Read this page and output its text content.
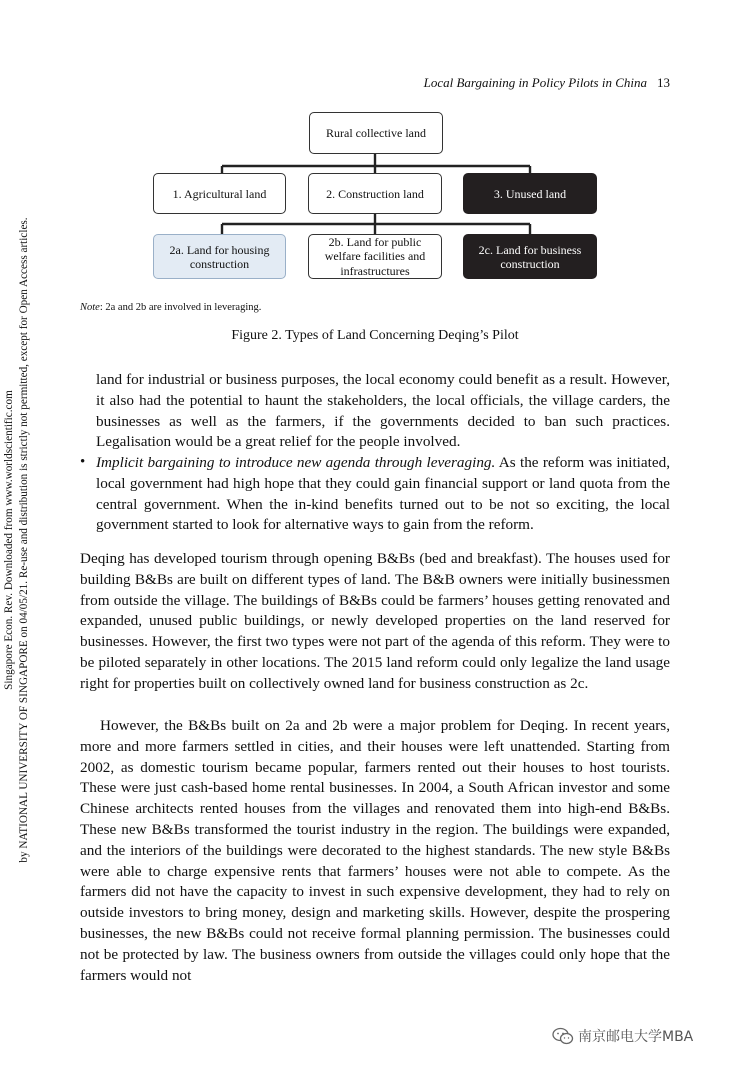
Local Bargaining in Policy Pilots in China 13
Singapore Econ. Rev. Downloaded from www.worldscientific.com by NATIONAL UNIVERSITY OF SINGAPORE on 04/05/21. Re-use and distribution is strictly not permitted, except for Open Access articles.
Rural collective land
1. Agricultural land	2. Construction land	3. Unused land
2a. Land for housing construction
2b. Land for public welfare facilities and infrastructures
2c. Land for business construction
Note: 2a and 2b are involved in leveraging.
Figure 2. Types of Land Concerning Deqing’s Pilot
land for industrial or business purposes, the local economy could benefit as a result. However, it also had the potential to haunt the stakeholders, the local officials, the village carders, the businesses as well as the farmers, if the governments decided to ban such practices. Legalisation would be a great relief for the people involved.
• Implicit bargaining to introduce new agenda through leveraging. As the reform was initiated, local government had high hope that they could gain financial support or land quota from the central government. When the in-kind benefits turned out to be not so exciting, the local government started to look for alternative ways to gain from the reform.
Deqing has developed tourism through opening B&Bs (bed and breakfast). The houses used for building B&Bs are built on different types of land. The B&B owners were initially businessmen from outside the village. The buildings of B&Bs could be farmers’ houses getting renovated and expanded, unused public buildings, or newly developed properties on the land reserved for businesses. However, the first two types were not part of the agenda of this reform. They were to be piloted separately in other locations. The 2015 land reform could only legalize the land usage right for properties built on collectively owned land for business construction as 2c.
However, the B&Bs built on 2a and 2b were a major problem for Deqing. In recent years, more and more farmers settled in cities, and their houses were left unattended. Starting from 2002, as domestic tourism became popular, farmers rented out their houses to host tourists. These were just cash-based home rental businesses. In 2004, a South African investor and some Chinese architects rented houses from the villages and renovated them into high-end B&Bs. These new B&Bs transformed the tourist industry in the region. The buildings were expanded, and the interiors of the buildings were decorated to the highest standards. The new style B&Bs were able to charge expensive rents that farmers’ houses were not able to compete. As the farmers did not have the capacity to invest in such expensive development, they had to rely on outside investors to bring money, design and marketing skills. However, despite the prospering businesses, the new B&Bs could not receive formal planning permission. The businesses could not be protected by law. The business owners from outside the villages could only hope that the farmers would not
南京邮电大学MBA
